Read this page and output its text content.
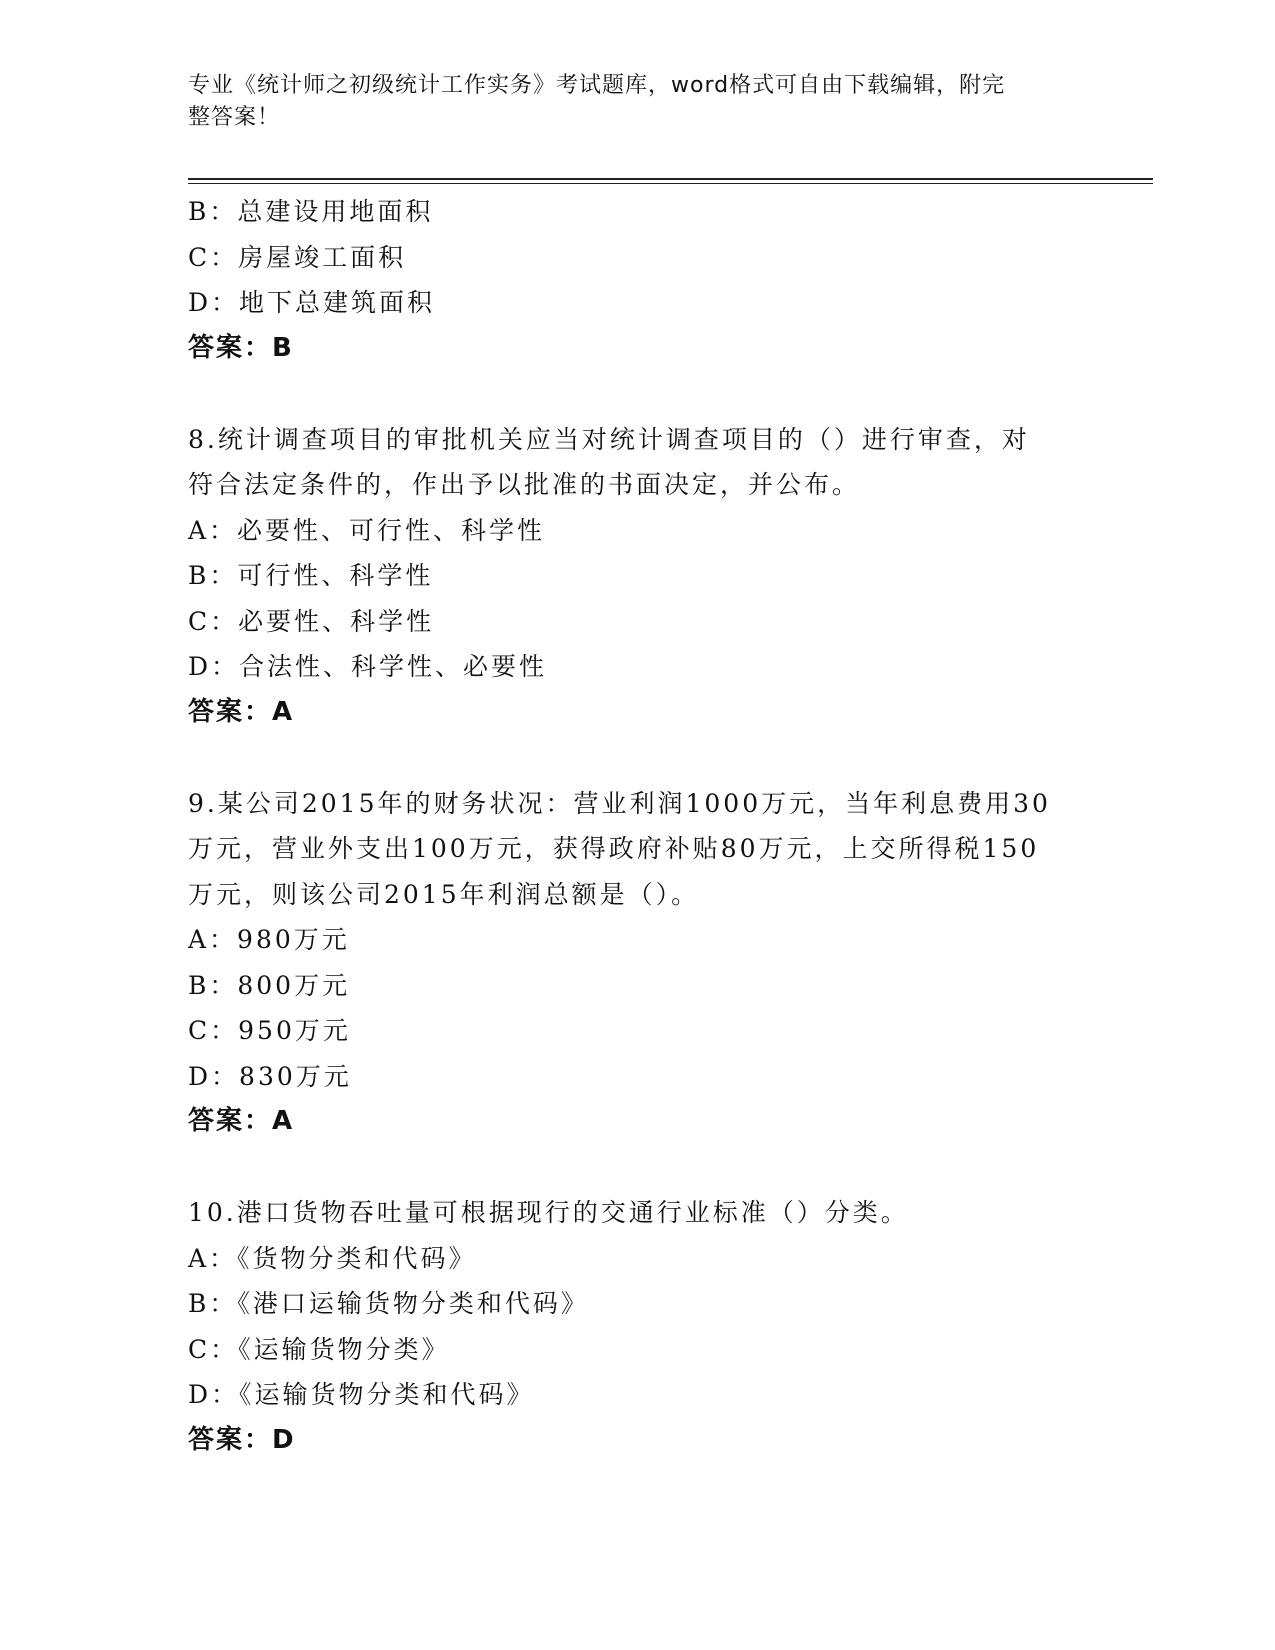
专业《统计师之初级统计工作实务》考试题库，word格式可自由下载编辑，附完
整答案！
B：总建设用地面积
C：房屋竣工面积
D：地下总建筑面积
答案：B
8.统计调查项目的审批机关应当对统计调查项目的（）进行审查，对
符合法定条件的，作出予以批准的书面决定，并公布。
A：必要性、可行性、科学性
B：可行性、科学性
C：必要性、科学性
D：合法性、科学性、必要性
答案：A
9.某公司2015年的财务状况：营业利润1000万元，当年利息费用30
万元，营业外支出100万元，获得政府补贴80万元，上交所得税150
万元，则该公司2015年利润总额是（）。
A：980万元
B：800万元
C：950万元
D：830万元
答案：A
10.港口货物吞吐量可根据现行的交通行业标准（）分类。
A：《货物分类和代码》
B：《港口运输货物分类和代码》
C：《运输货物分类》
D：《运输货物分类和代码》
答案：D
